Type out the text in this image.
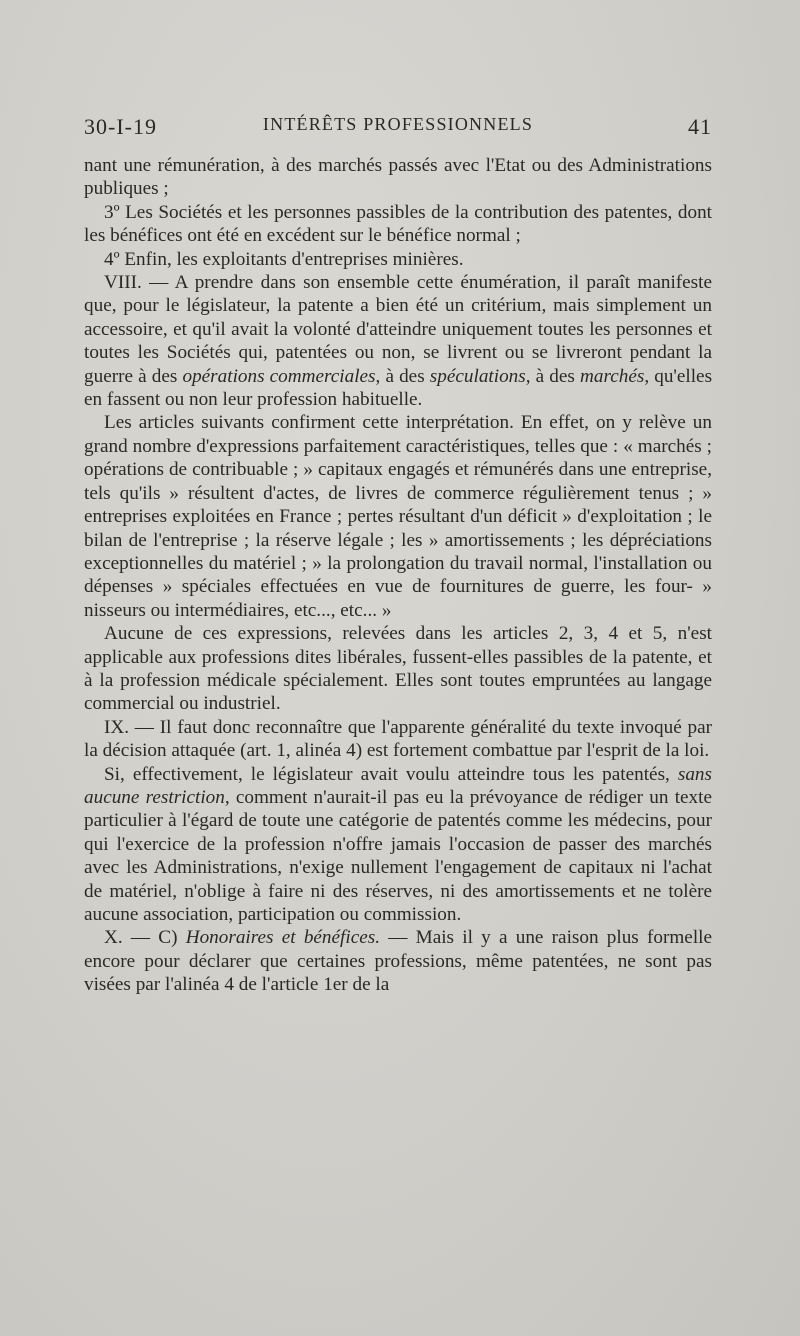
30-I-19	INTÉRÊTS PROFESSIONNELS	41

nant une rémunération, à des marchés passés avec l'Etat ou des Administrations publiques ;

3º Les Sociétés et les personnes passibles de la contribution des patentes, dont les bénéfices ont été en excédent sur le bénéfice normal ;

4º Enfin, les exploitants d'entreprises minières.

VIII. — A prendre dans son ensemble cette énumération, il paraît manifeste que, pour le législateur, la patente a bien été un critérium, mais simplement un accessoire, et qu'il avait la volonté d'atteindre uniquement toutes les personnes et toutes les Sociétés qui, patentées ou non, se livrent ou se livreront pendant la guerre à des opérations commerciales, à des spéculations, à des marchés, qu'elles en fassent ou non leur profession habituelle.

Les articles suivants confirment cette interprétation. En effet, on y relève un grand nombre d'expressions parfaitement caractéristiques, telles que : « marchés ; opérations de contribuable ; » capitaux engagés et rémunérés dans une entreprise, tels qu'ils » résultent d'actes, de livres de commerce régulièrement tenus ; » entreprises exploitées en France ; pertes résultant d'un déficit » d'exploitation ; le bilan de l'entreprise ; la réserve légale ; les » amortissements ; les dépréciations exceptionnelles du matériel ; » la prolongation du travail normal, l'installation ou dépenses » spéciales effectuées en vue de fournitures de guerre, les four- » nisseurs ou intermédiaires, etc..., etc... »

Aucune de ces expressions, relevées dans les articles 2, 3, 4 et 5, n'est applicable aux professions dites libérales, fussent-elles passibles de la patente, et à la profession médicale spécialement. Elles sont toutes empruntées au langage commercial ou industriel.

IX. — Il faut donc reconnaître que l'apparente généralité du texte invoqué par la décision attaquée (art. 1, alinéa 4) est fortement combattue par l'esprit de la loi.

Si, effectivement, le législateur avait voulu atteindre tous les patentés, sans aucune restriction, comment n'aurait-il pas eu la prévoyance de rédiger un texte particulier à l'égard de toute une catégorie de patentés comme les médecins, pour qui l'exercice de la profession n'offre jamais l'occasion de passer des marchés avec les Administrations, n'exige nullement l'engagement de capitaux ni l'achat de matériel, n'oblige à faire ni des réserves, ni des amortissements et ne tolère aucune association, participation ou commission.

X. — C) Honoraires et bénéfices. — Mais il y a une raison plus formelle encore pour déclarer que certaines professions, même patentées, ne sont pas visées par l'alinéa 4 de l'article 1er de la
